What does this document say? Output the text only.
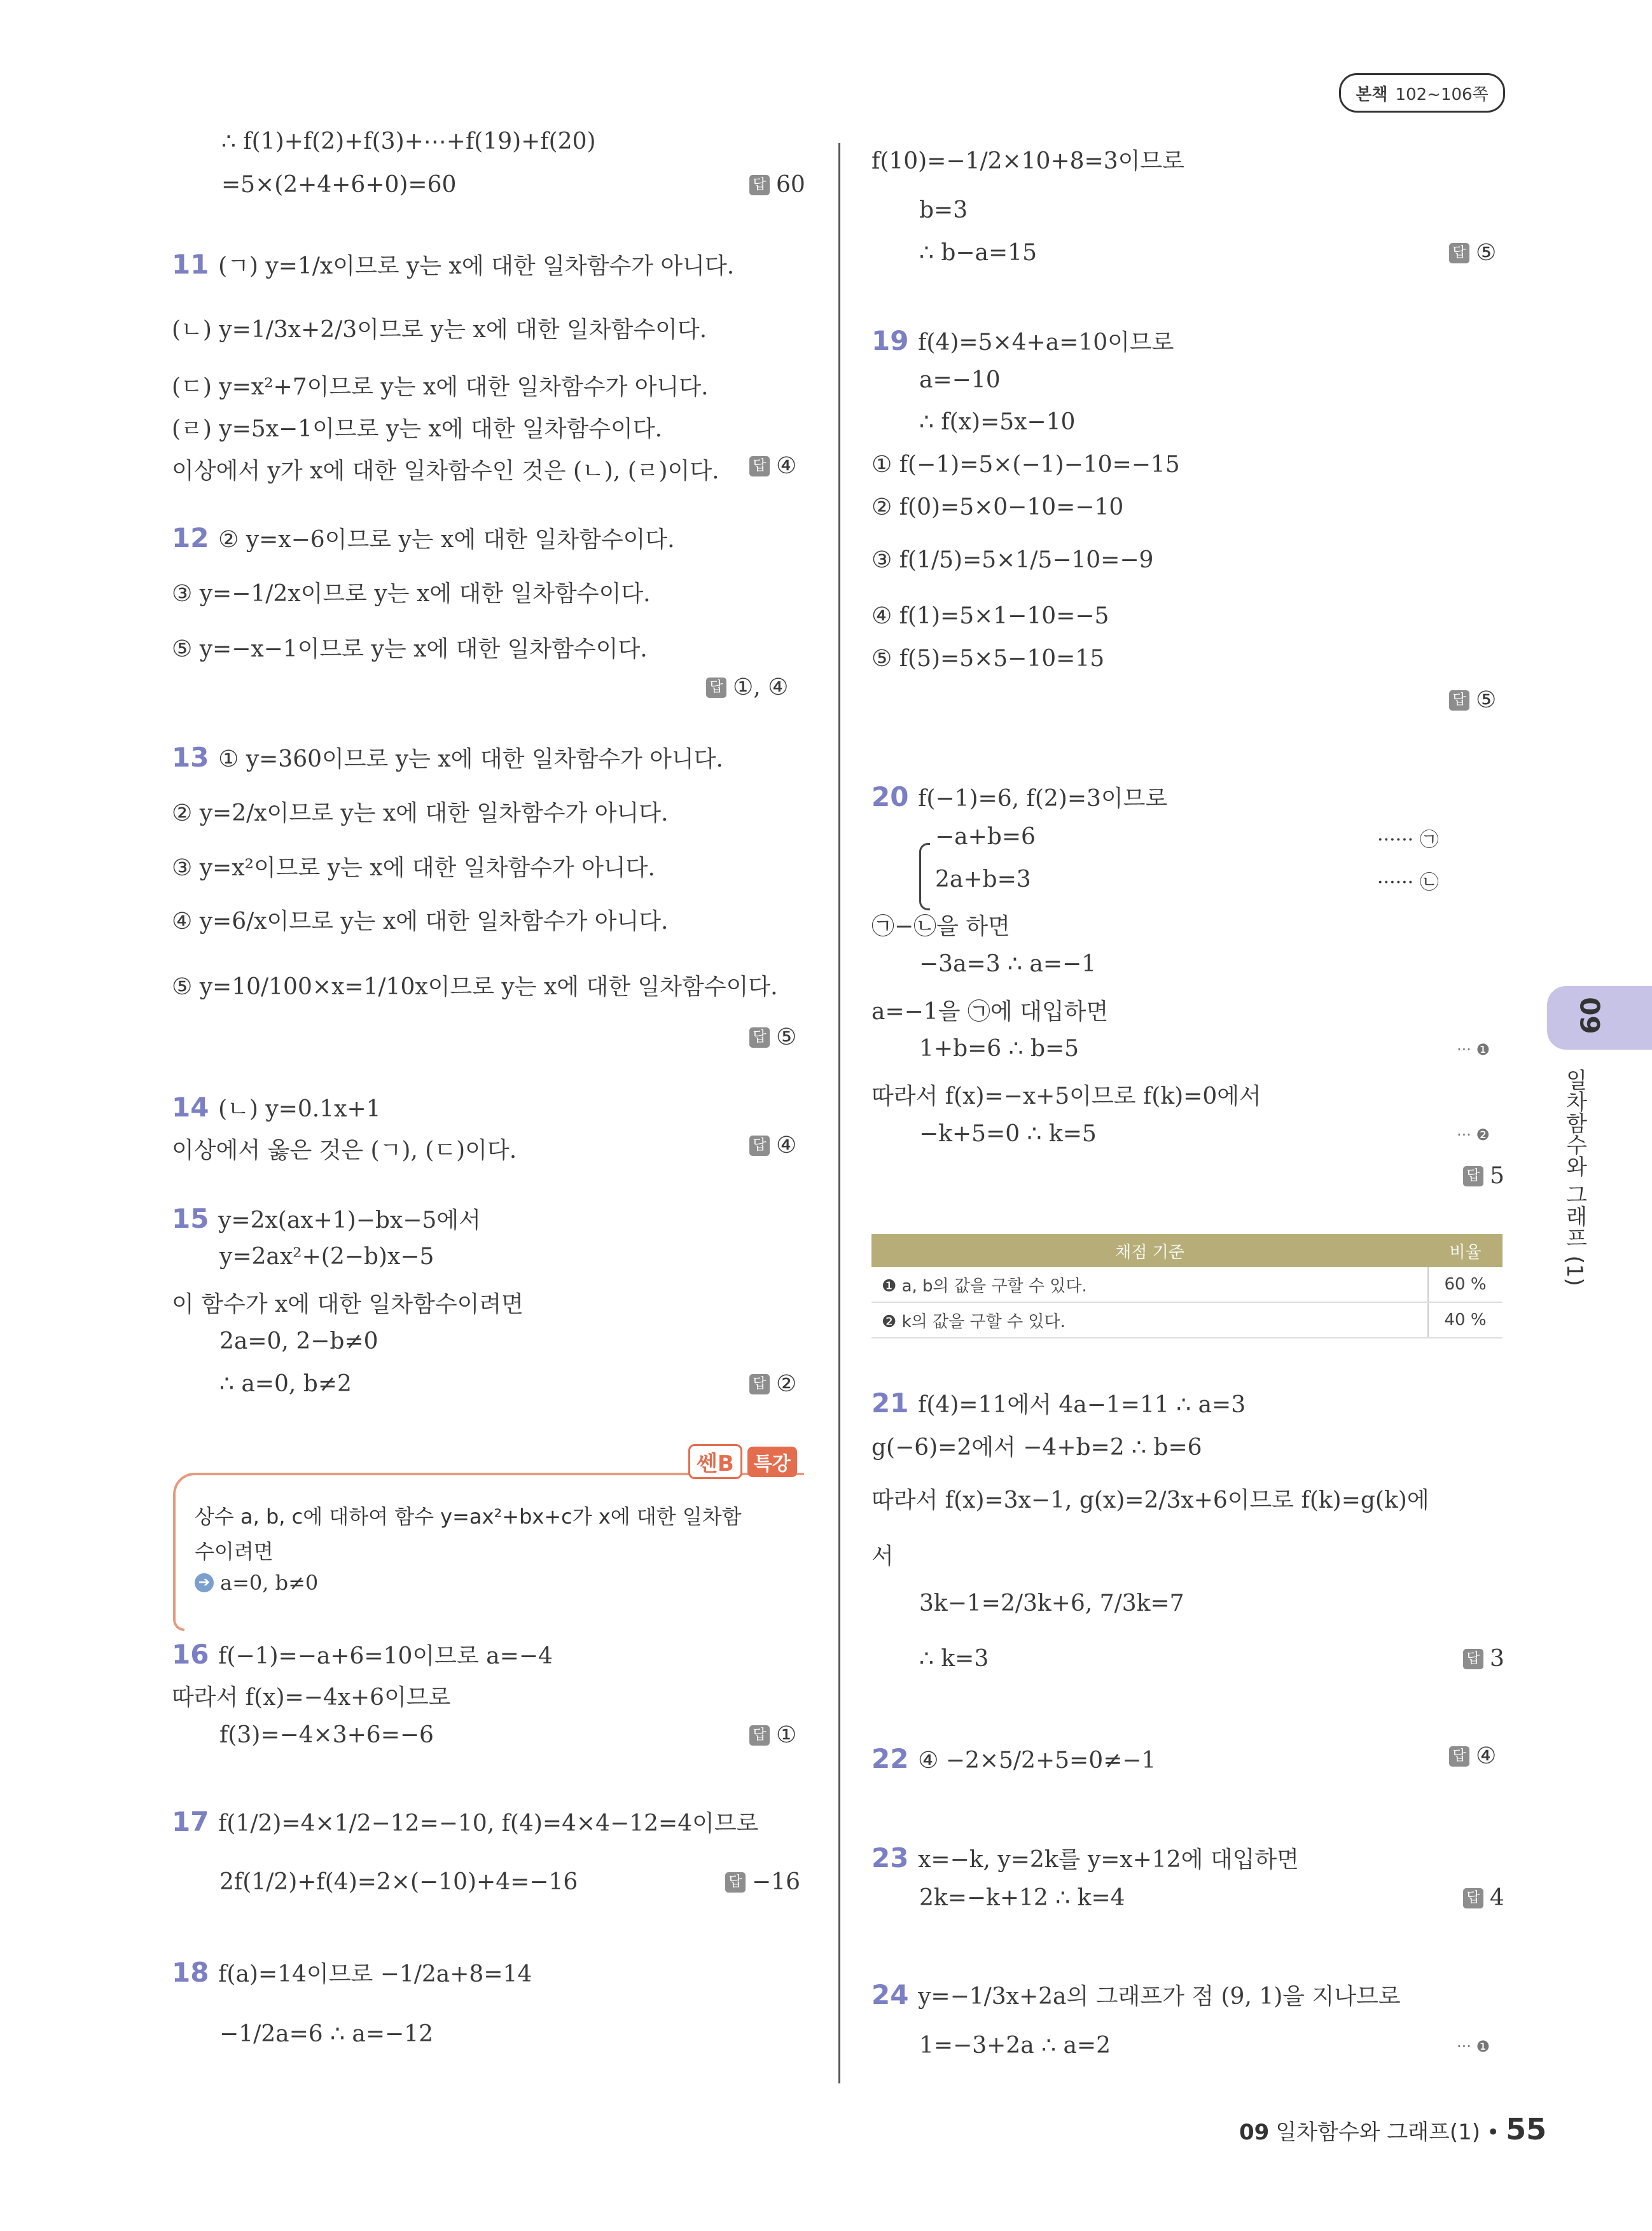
본책 102~106쪽
∴ f(1)+f(2)+f(3)+⋯+f(19)+f(20)
=5×(2+4+6+0)=60
11 (ㄱ) y=1/x이므로 y는 x에 대한 일차함수가 아니다.
(ㄴ) y=1/3x+2/3이므로 y는 x에 대한 일차함수이다.
(ㄷ) y=x²+7이므로 y는 x에 대한 일차함수가 아니다.
(ㄹ) y=5x−1이므로 y는 x에 대한 일차함수이다.
이상에서 y가 x에 대한 일차함수인 것은 (ㄴ), (ㄹ)이다.
12 ② y=x−6이므로 y는 x에 대한 일차함수이다.
③ y=−1/2x이므로 y는 x에 대한 일차함수이다.
⑤ y=−x−1이므로 y는 x에 대한 일차함수이다.
13 ① y=360이므로 y는 x에 대한 일차함수가 아니다.
② y=2/x이므로 y는 x에 대한 일차함수가 아니다.
③ y=x²이므로 y는 x에 대한 일차함수가 아니다.
④ y=6/x이므로 y는 x에 대한 일차함수가 아니다.
⑤ y=10/100×x=1/10x이므로 y는 x에 대한 일차함수이다.
14 (ㄴ) y=0.1x+1
이상에서 옳은 것은 (ㄱ), (ㄷ)이다.
15 y=2x(ax+1)−bx−5에서
y=2ax²+(2−b)x−5
이 함수가 x에 대한 일차함수이려면
2a=0, 2−b≠0
∴ a=0, b≠2
16 f(−1)=−a+6=10이므로 a=−4
따라서 f(x)=−4x+6이므로
f(3)=−4×3+6=−6
17 f(1/2)=4×1/2−12=−10, f(4)=4×4−12=4이므로
2f(1/2)+f(4)=2×(−10)+4=−16
18 f(a)=14이므로 −1/2a+8=14
−1/2a=6 ∴ a=−12
답 60
답 ④
답 ①, ④
답 ⑤
답 ④
답 ②
답 ①
답 −16
f(10)=−1/2×10+8=3이므로
b=3
∴ b−a=15
19 f(4)=5×4+a=10이므로
a=−10
∴ f(x)=5x−10
① f(−1)=5×(−1)−10=−15
② f(0)=5×0−10=−10
③ f(1/5)=5×1/5−10=−9
④ f(1)=5×1−10=−5
⑤ f(5)=5×5−10=15
20 f(−1)=6, f(2)=3이므로
−a+b=6
2a+b=3
㉠−㉡을 하면
−3a=3 ∴ a=−1
a=−1을 ㉠에 대입하면
1+b=6 ∴ b=5
따라서 f(x)=−x+5이므로 f(k)=0에서
−k+5=0 ∴ k=5
21 f(4)=11에서 4a−1=11 ∴ a=3
g(−6)=2에서 −4+b=2 ∴ b=6
따라서 f(x)=3x−1, g(x)=2/3x+6이므로 f(k)=g(k)에
서
3k−1=2/3k+6, 7/3k=7
∴ k=3
22 ④ −2×5/2+5=0≠−1
23 x=−k, y=2k를 y=x+12에 대입하면
2k=−k+12 ∴ k=4
24 y=−1/3x+2a의 그래프가 점 (9, 1)을 지나므로
1=−3+2a ∴ a=2
답 ⑤
답 ⑤
답 5
답 3
답 ④
답 4
······ ㉠
······ ㉡
··· ❶
··· ❷
··· ❶
상수 a, b, c에 대하여 함수 y=ax²+bx+c가 x에 대한 일차함
수이려면
➔ a=0, b≠0
쎈B	특강
채점 기준	비율
❶ a, b의 값을 구할 수 있다.	60 %
❷ k의 값을 구할 수 있다.	40 %
09
일차함수와 그래프 (1)
09 일차함수와 그래프(1) • 55
